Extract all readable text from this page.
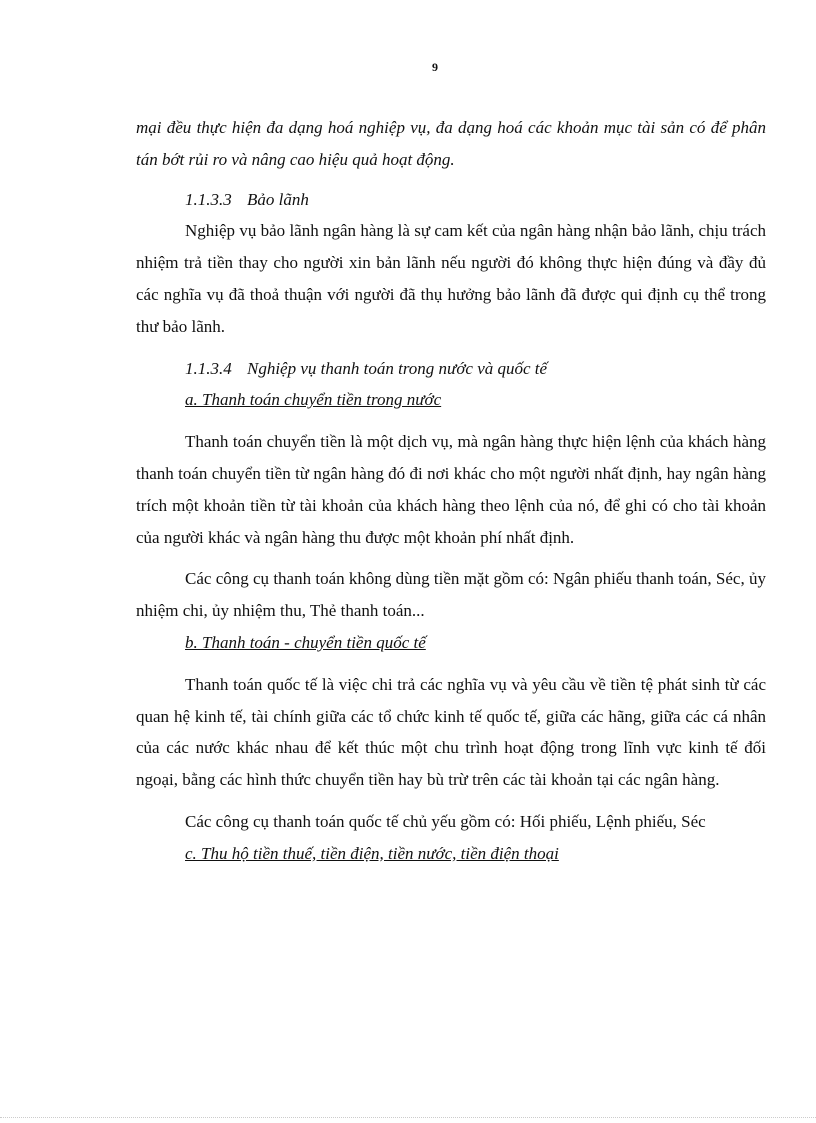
9

mại đều thực hiện đa dạng hoá nghiệp vụ, đa dạng hoá các khoản mục tài sản có để phân tán bớt rủi ro và nâng cao hiệu quả hoạt động.

1.1.3.3 Bảo lãnh

Nghiệp vụ bảo lãnh ngân hàng là sự cam kết của ngân hàng nhận bảo lãnh, chịu trách nhiệm trả tiền thay cho người xin bản lãnh nếu người đó không thực hiện đúng và đầy đủ các nghĩa vụ đã thoả thuận với người đã thụ hưởng bảo lãnh đã được qui định cụ thể trong thư bảo lãnh.

1.1.3.4 Nghiệp vụ thanh toán trong nước và quốc tế

a. Thanh toán chuyển tiền trong nước

Thanh toán chuyển tiền là một dịch vụ, mà ngân hàng thực hiện lệnh của khách hàng thanh toán chuyển tiền từ ngân hàng đó đi nơi khác cho một người nhất định, hay ngân hàng trích một khoản tiền từ tài khoản của khách hàng theo lệnh của nó, để ghi có cho tài khoản của người khác và ngân hàng thu được một khoản phí nhất định.

Các công cụ thanh toán không dùng tiền mặt gồm có: Ngân phiếu thanh toán, Séc, ủy nhiệm chi, ủy nhiệm thu, Thẻ thanh toán...

b. Thanh toán - chuyển tiền quốc tế

Thanh toán quốc tế là việc chi trả các nghĩa vụ và yêu cầu về tiền tệ phát sinh từ các quan hệ kinh tế, tài chính giữa các tổ chức kinh tế quốc tế, giữa các hãng, giữa các cá nhân của các nước khác nhau để kết thúc một chu trình hoạt động trong lĩnh vực kinh tế đối ngoại, bằng các hình thức chuyển tiền hay bù trừ trên các tài khoản tại các ngân hàng.

Các công cụ thanh toán quốc tế chủ yếu gồm có: Hối phiếu, Lệnh phiếu, Séc

c. Thu hộ tiền thuế, tiền điện, tiền nước, tiền điện thoại
